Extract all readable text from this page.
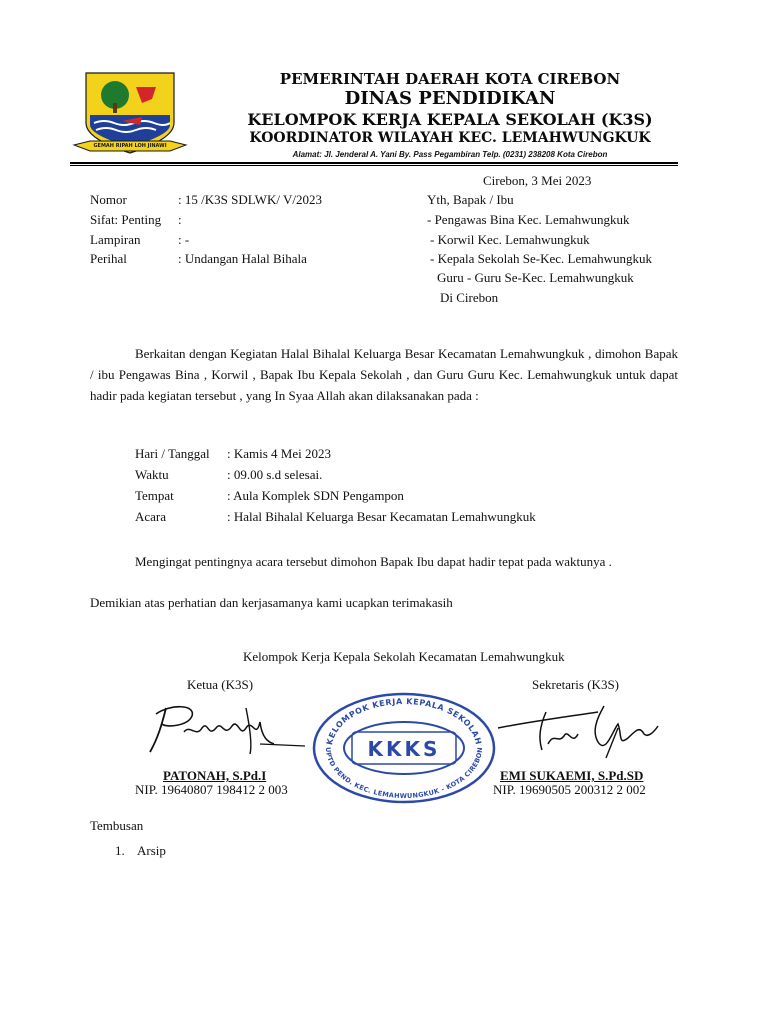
GEMAH RIPAH LOH JINAWI
PEMERINTAH DAERAH KOTA CIREBON
DINAS PENDIDIKAN
KELOMPOK KERJA KEPALA SEKOLAH (K3S)
KOORDINATOR WILAYAH KEC. LEMAHWUNGKUK
Alamat: Jl. Jenderal A. Yani By. Pass Pegambiran Telp. (0231) 238208 Kota Cirebon
Cirebon, 3 Mei 2023
Nomor	: 15 /K3S SDLWK/ V/2023
Sifat: Penting :
Lampiran	: -
Perihal	: Undangan Halal Bihala
Yth, Bapak / Ibu
- Pengawas Bina Kec. Lemahwungkuk
- Korwil Kec. Lemahwungkuk
- Kepala Sekolah Se-Kec. Lemahwungkuk
Guru - Guru Se-Kec. Lemahwungkuk
Di Cirebon
Berkaitan dengan Kegiatan Halal Bihalal Keluarga Besar Kecamatan Lemahwungkuk , dimohon Bapak / ibu Pengawas Bina , Korwil , Bapak Ibu Kepala Sekolah , dan Guru Guru Kec. Lemahwungkuk untuk dapat hadir pada kegiatan tersebut , yang In Syaa Allah akan dilaksanakan pada :
Hari / Tanggal : Kamis 4 Mei 2023
Waktu	: 09.00 s.d selesai.
Tempat	: Aula Komplek SDN Pengampon
Acara	: Halal Bihalal Keluarga Besar Kecamatan Lemahwungkuk
Mengingat pentingnya acara tersebut dimohon Bapak Ibu dapat hadir tepat pada waktunya .
Demikian atas perhatian dan kerjasamanya kami ucapkan terimakasih
Kelompok Kerja Kepala Sekolah Kecamatan Lemahwungkuk
Ketua (K3S)	Sekretaris (K3S)
KELOMPOK KERJA KEPALA SEKOLAH
UPTD PEND. KEC. LEMAHWUNGKUK - KOTA CIREBON
KKKS
PATONAH, S.Pd.I
NIP. 19640807 198412 2 003
EMI SUKAEMI, S.Pd.SD
NIP. 19690505 200312 2 002
Tembusan
1. Arsip
